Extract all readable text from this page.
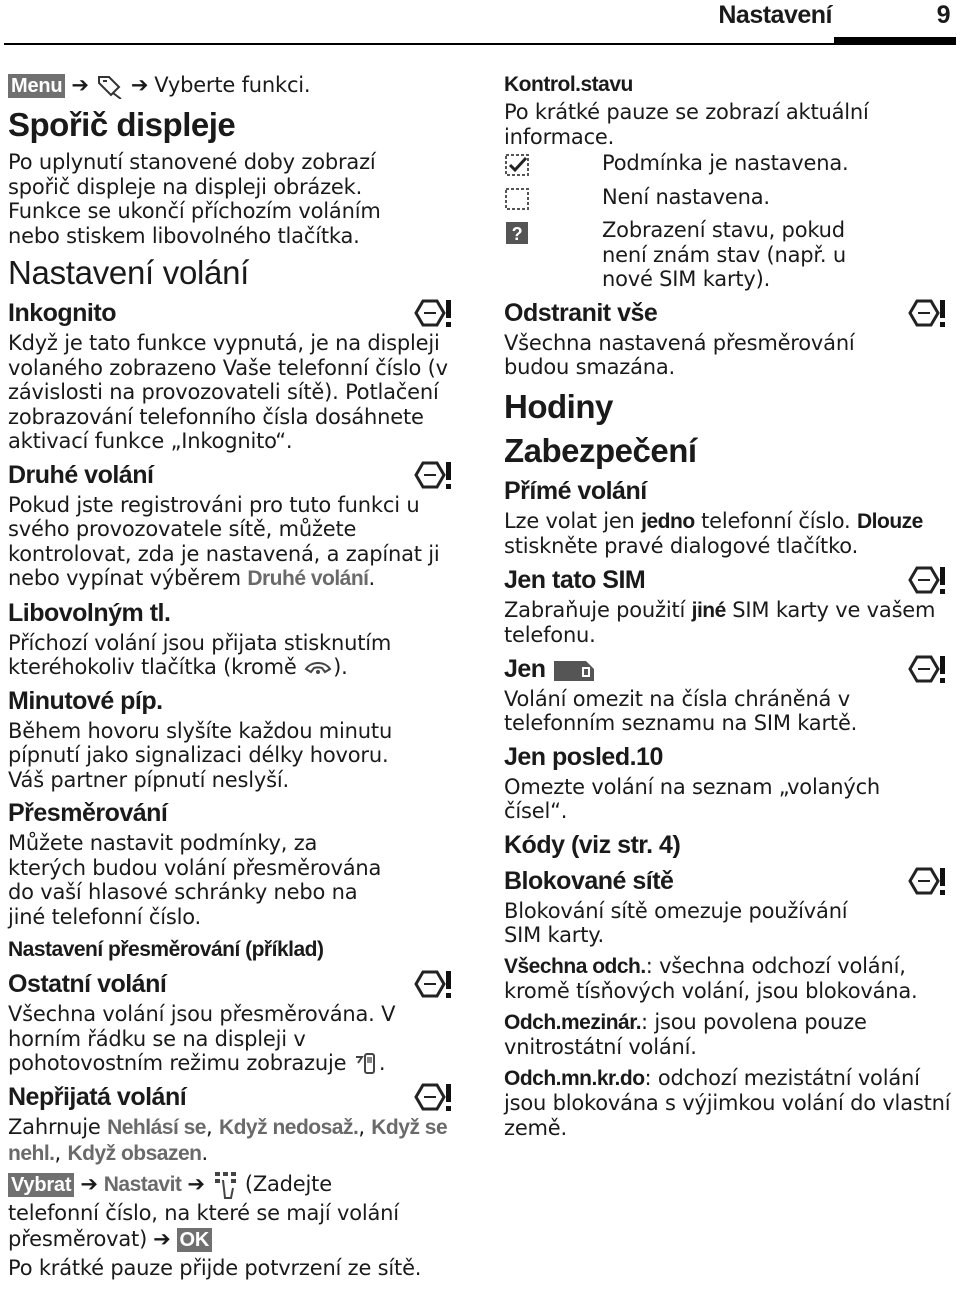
Nastavení	9
Menu ➔ ➔ Vyberte funkci.
Spořič displeje

Po uplynutí stanovené doby zobrazí spořič displeje na displeji obrázek. Funkce se ukončí příchozím voláním nebo stiskem libovolného tlačítka.

Nastavení volání
Inkognito

Když je tato funkce vypnutá, je na displeji volaného zobrazeno Vaše telefonní číslo (v závislosti na provozovateli sítě). Potlačení zobrazování telefonního čísla dosáhnete aktivací funkce „Inkognito“.

Druhé volání

Pokud jste registrováni pro tuto funkci u svého provozovatele sítě, můžete kontrolovat, zda je nastavená, a zapínat ji nebo vypínat výběrem Druhé volání.

Libovolným tl.

Příchozí volání jsou přijata stisknutím kteréhokoliv tlačítka (kromě ).

Minutové píp.

Během hovoru slyšíte každou minutu pípnutí jako signalizaci délky hovoru. Váš partner pípnutí neslyší.

Přesměrování

Můžete nastavit podmínky, za kterých budou volání přesměrována do vaší hlasové schránky nebo na jiné telefonní číslo.

Nastavení přesměrování (příklad)
Ostatní volání

Všechna volání jsou přesměrována. V horním řádku se na displeji v pohotovostním režimu zobrazuje .

Nepřijatá volání

Zahrnuje Nehlásí se, Když nedosaž., Když se nehl., Když obsazen.

Vybrat ➔ Nastavit ➔ (Zadejte telefonní číslo, na které se mají volání přesměrovat) ➔ OK

Po krátké pauze přijde potvrzení ze sítě.

Kontrol.stavu

Po krátké pauze se zobrazí aktuální informace.

Podmínka je nastavena.
Není nastavena.
?	Zobrazení stavu, pokud není znám stav (např. u nové SIM karty).
Odstranit vše

Všechna nastavená přesměrování budou smazána.

Hodiny
Zabezpečení
Přímé volání

Lze volat jen jedno telefonní číslo. Dlouze stiskněte pravé dialogové tlačítko.

Jen tato SIM

Zabraňuje použití jiné SIM karty ve vašem telefonu.

Jen

Volání omezit na čísla chráněná v telefonním seznamu na SIM kartě.

Jen posled.10

Omezte volání na seznam „volaných čísel“.

Kódy (viz str. 4)
Blokované sítě

Blokování sítě omezuje používání SIM karty.

Všechna odch.: všechna odchozí volání, kromě tísňových volání, jsou blokována.

Odch.mezinár.: jsou povolena pouze vnitrostátní volání.

Odch.mn.kr.do: odchozí mezistátní volání jsou blokována s výjimkou volání do vlastní země.
